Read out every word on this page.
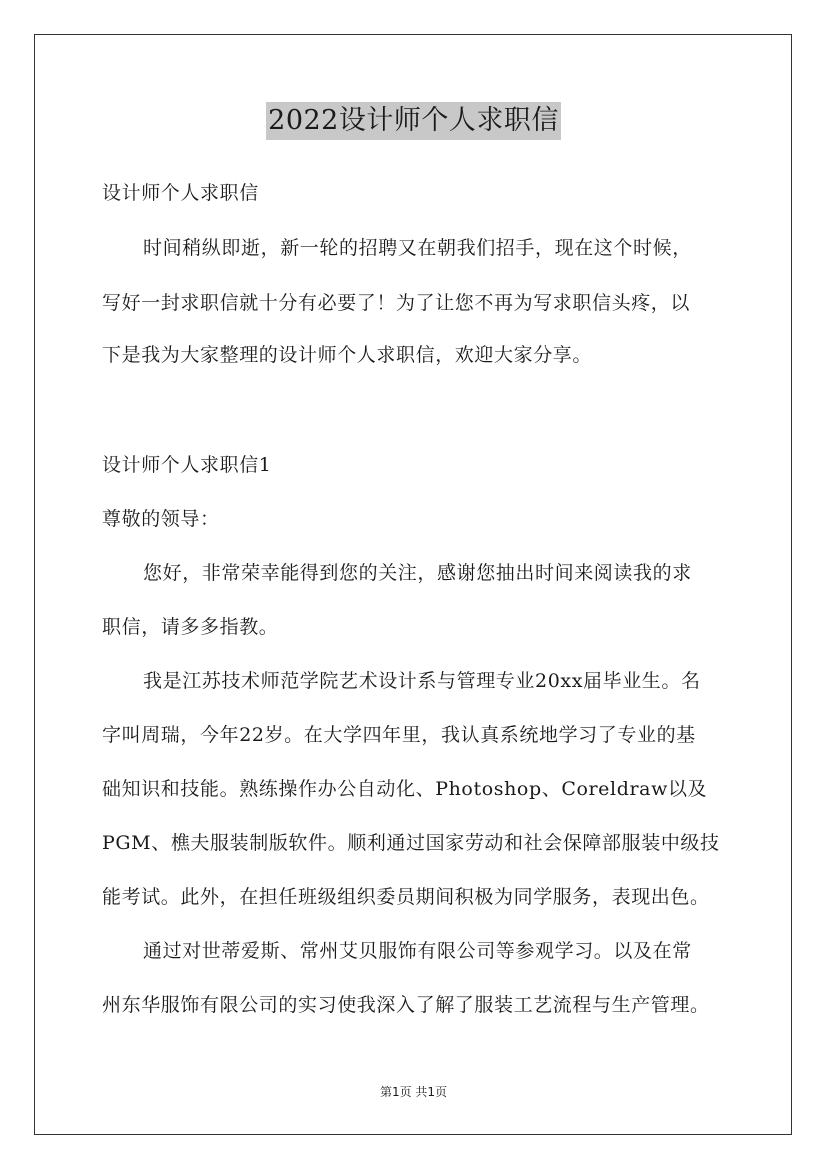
2022设计师个人求职信
设计师个人求职信
时间稍纵即逝，新一轮的招聘又在朝我们招手，现在这个时候，
写好一封求职信就十分有必要了！为了让您不再为写求职信头疼，以
下是我为大家整理的设计师个人求职信，欢迎大家分享。
设计师个人求职信1
尊敬的领导：
您好，非常荣幸能得到您的关注，感谢您抽出时间来阅读我的求
职信，请多多指教。
我是江苏技术师范学院艺术设计系与管理专业20xx届毕业生。名
字叫周瑞，今年22岁。在大学四年里，我认真系统地学习了专业的基
础知识和技能。熟练操作办公自动化、Photoshop、Coreldraw以及
PGM、樵夫服装制版软件。顺利通过国家劳动和社会保障部服装中级技
能考试。此外，在担任班级组织委员期间积极为同学服务，表现出色。
通过对世蒂爱斯、常州艾贝服饰有限公司等参观学习。以及在常
州东华服饰有限公司的实习使我深入了解了服装工艺流程与生产管理。
第1页 共1页
